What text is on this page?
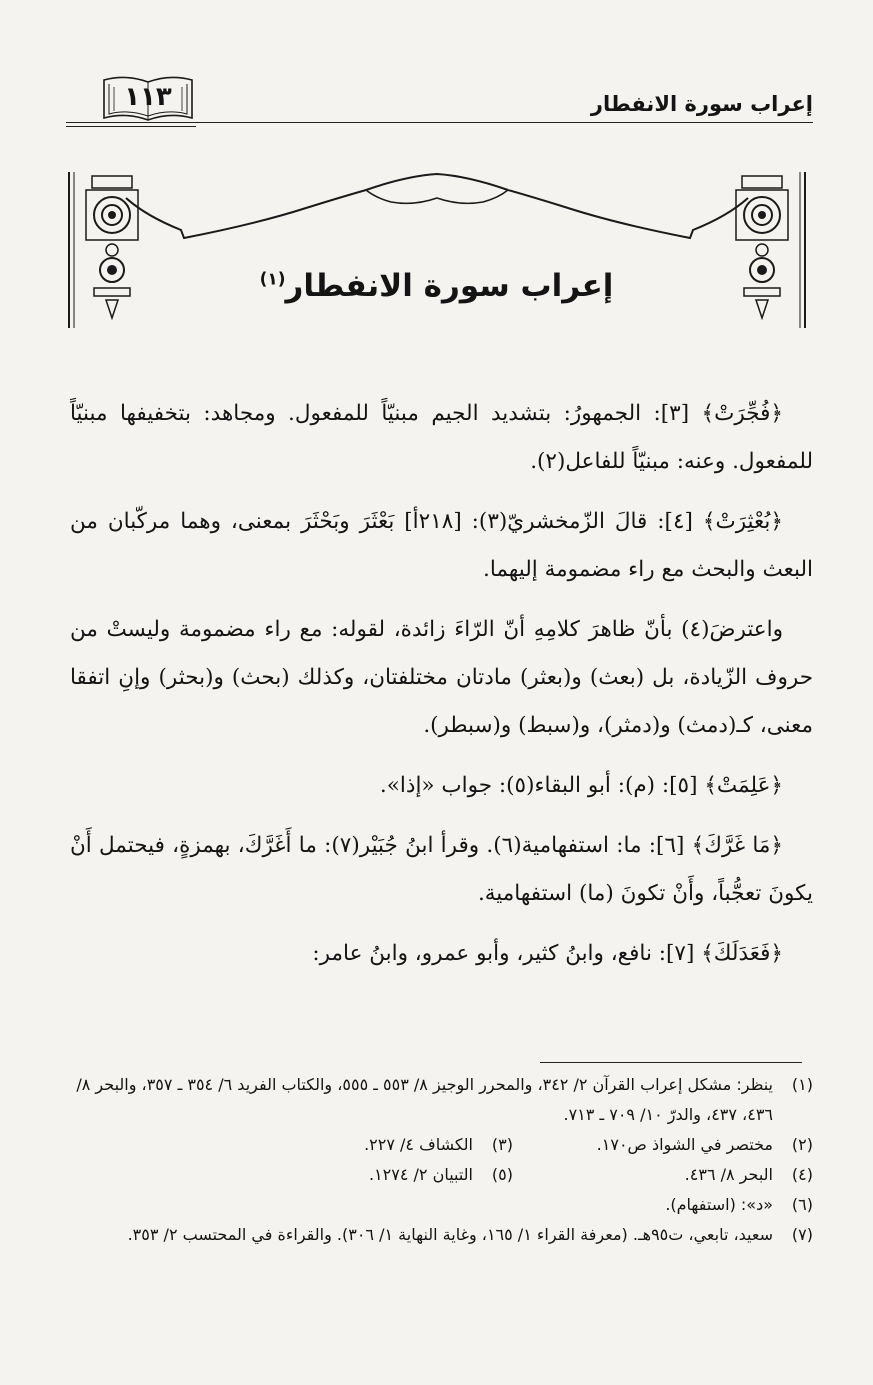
إعراب سورة الانفطار
١١٣
إعراب سورة الانفطار$^{(١)}$

﴿فُجِّرَتْ﴾ [٣]: الجمهورُ: بتشديد الجيم مبنيّاً للمفعول. ومجاهد: بتخفيفها مبنيّاً للمفعول. وعنه: مبنيّاً للفاعل(٢).

﴿بُعْثِرَتْ﴾ [٤]: قالَ الزّمخشريّ(٣): [٢١٨أ] بَعْثَرَ وبَحْثَرَ بمعنى، وهما مركّبان من البعث والبحث مع راء مضمومة إليهما.

واعترضَ(٤) بأنّ ظاهرَ كلامِهِ أنّ الرّاءَ زائدة، لقوله: مع راء مضمومة وليستْ من حروف الزّيادة، بل (بعث) و(بعثر) مادتان مختلفتان، وكذلك (بحث) و(بحثر) وإنِ اتفقا معنى، كـ(دمث) و(دمثر)، و(سبط) و(سبطر).

﴿عَلِمَتْ﴾ [٥]: (م): أبو البقاء(٥): جواب «إذا».

﴿مَا غَرَّكَ﴾ [٦]: ما: استفهامية(٦). وقرأ ابنُ جُبَيْر(٧): ما أَغَرَّكَ، بهمزةٍ، فيحتمل أَنْ يكونَ تعجُّباً، وأَنْ تكونَ (ما) استفهامية.

﴿فَعَدَلَكَ﴾ [٧]: نافع، وابنُ كثير، وأبو عمرو، وابنُ عامر:

(١)
ينظر: مشكل إعراب القرآن ٢/ ٣٤٢، والمحرر الوجيز ٨/ ٥٥٣ ـ ٥٥٥، والكتاب الفريد ٦/ ٣٥٤ ـ ٣٥٧، والبحر ٨/ ٤٣٦، ٤٣٧، والدرّ ١٠/ ٧٠٩ ـ ٧١٣.
(٢)
مختصر في الشواذ ص١٧٠.
(٣)
الكشاف ٤/ ٢٢٧.
(٤)
البحر ٨/ ٤٣٦.
(٥)
التبيان ٢/ ١٢٧٤.
(٦)
«د»: (استفهام).
(٧)
سعيد، تابعي، ت٩٥هـ. (معرفة القراء ١/ ١٦٥، وغاية النهاية ١/ ٣٠٦). والقراءة في المحتسب ٢/ ٣٥٣.
